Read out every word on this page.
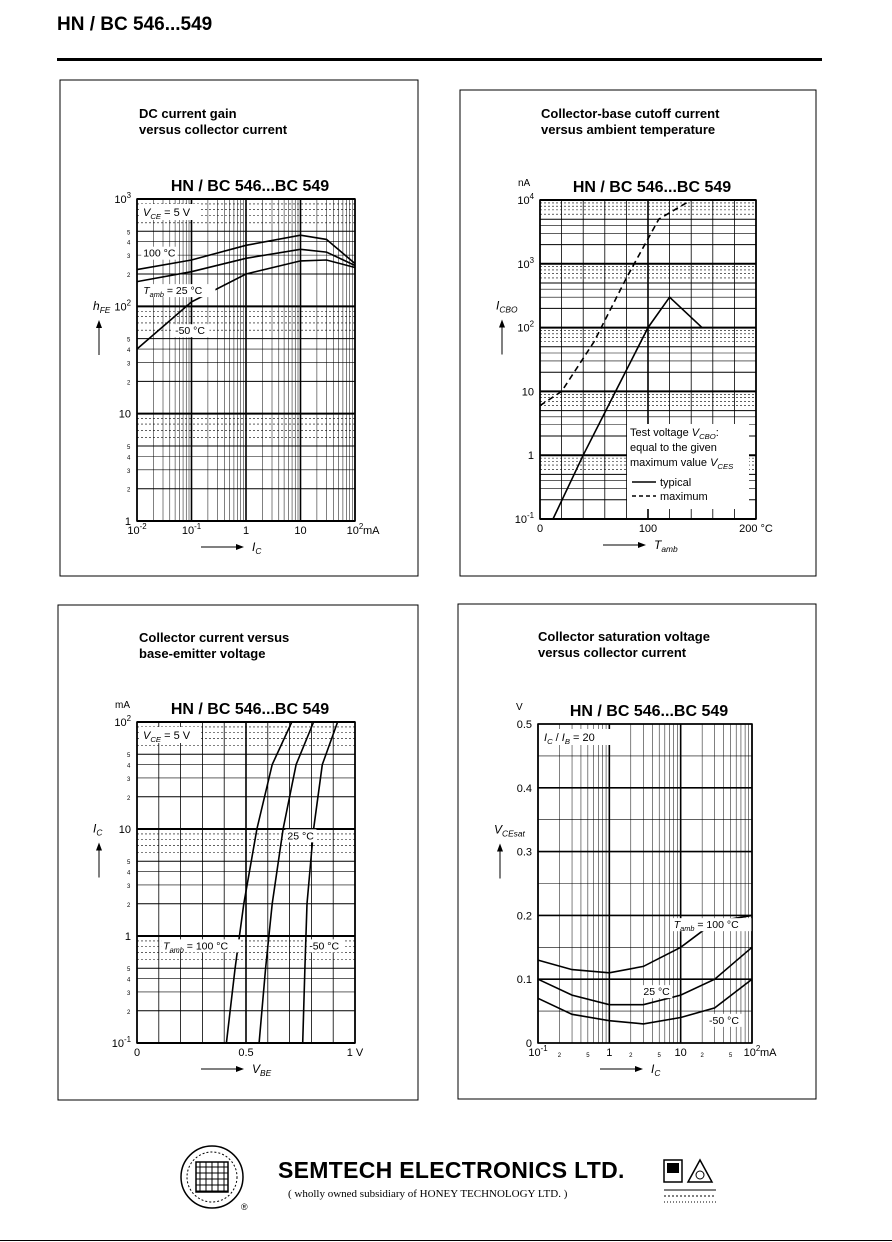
HN / BC 546...549
DC current gain
versus collector current
Collector-base cutoff current
versus ambient temperature
Collector current versus
base-emitter voltage
Collector saturation voltage
versus collector current
2
3
4
5
2
3
4
5
2
3
4
5
HN / BC 546...BC 549
$10^{-2}$	$10^{-1}$	1	10	$10^2$
1
10
$10^2$
$10^3$
mA
$I_C$
$h_{FE}$
$V_{CE} = 5$ V
100 °C
$T_{amb} = 25$ °C
-50 °C
HN / BC 546...BC 549
0	100	200 °C
$10^{-1}$
1
10
$10^2$
$10^3$
$10^4$
nA
$T_{amb}$
$I_{CBO}$
Test voltage $V_{CBO}$:
equal to the given
maximum value $V_{CES}$
typical
maximum
2
3
4
5
2
3
4
5
2
3
4
5
HN / BC 546...BC 549
0	0.5	1 V
$10^{-1}$
1
10
$10^2$
mA
$V_{BE}$
$I_C$
$V_{CE} = 5$ V
25 °C
$T_{amb} = 100$ °C	-50 °C
2	5	2	5	2	5
HN / BC 546...BC 549
$10^{-1}$	1	10	$10^2$
0
0.1
0.2
0.3
0.4
0.5
mA
V
$I_C$
$V_{CEsat}$
$I_C / I_B = 20$
$T_{amb} = 100$ °C
25 °C
-50 °C
®
SEMTECH ELECTRONICS LTD.
( wholly owned subsidiary of HONEY TECHNOLOGY LTD. )
